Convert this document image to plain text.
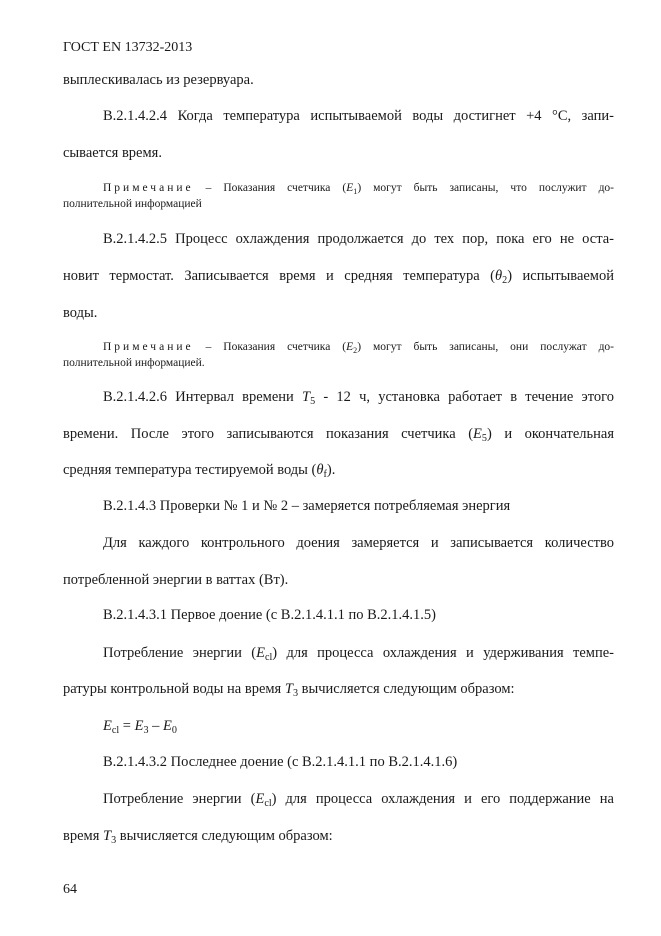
ГОСТ EN 13732-2013
выплескивалась из резервуара.
В.2.1.4.2.4 Когда температура испытываемой воды достигнет +4 °С, запи-
сывается время.
Примечание – Показания счетчика $(E_1)$ могут быть записаны, что послужит до-
полнительной информацией
В.2.1.4.2.5 Процесс охлаждения продолжается до тех пор, пока его не оста-
новит термостат. Записывается время и средняя температура $(\theta_2)$ испытываемой
воды.
Примечание – Показания счетчика $(E_2)$ могут быть записаны, они послужат до-
полнительной информацией.
В.2.1.4.2.6 Интервал времени $T_5 - 12$ ч, установка работает в течение этого
времени. После этого записываются показания счетчика $(E_5)$ и окончательная
средняя температура тестируемой воды $(\theta_f)$.
В.2.1.4.3 Проверки № 1 и № 2 – замеряется потребляемая энергия
Для каждого контрольного доения замеряется и записывается количество
потребленной энергии в ваттах (Вт).
В.2.1.4.3.1 Первое доение (с В.2.1.4.1.1 по В.2.1.4.1.5)
Потребление энергии $(E_{cl})$ для процесса охлаждения и удерживания темпе-
ратуры контрольной воды на время $T_3$ вычисляется следующим образом:
$E_{cl} = E_3 - E_0$
В.2.1.4.3.2 Последнее доение (с В.2.1.4.1.1 по В.2.1.4.1.6)
Потребление энергии $(E_{cl})$ для процесса охлаждения и его поддержание на
время $T_3$ вычисляется следующим образом:
64
